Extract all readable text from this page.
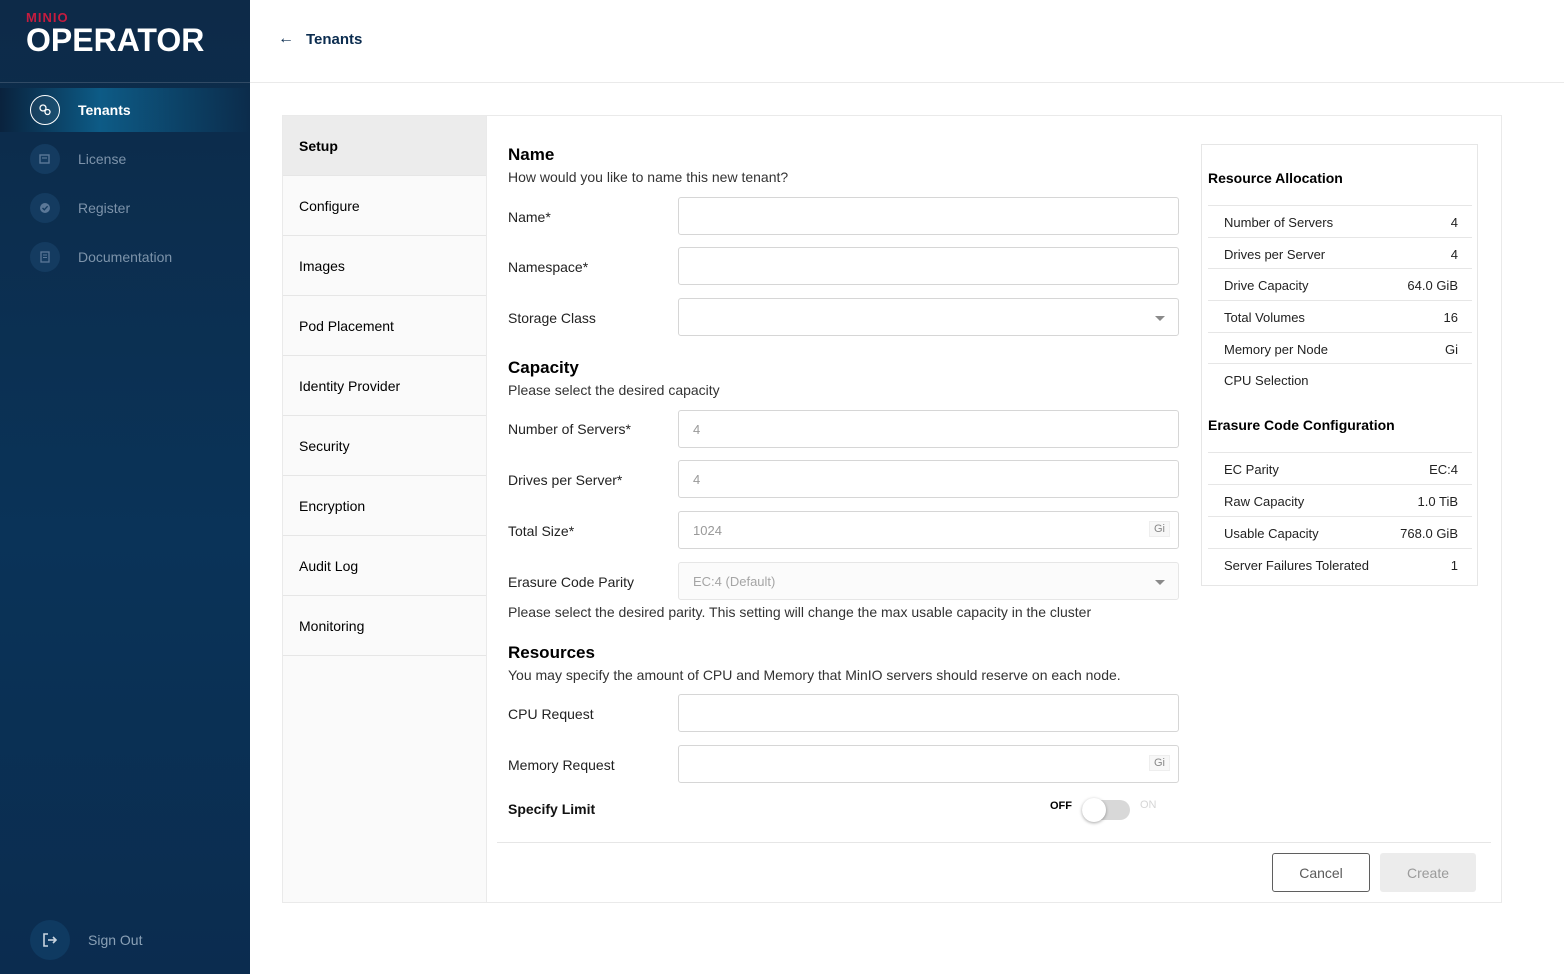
MINIO
OPERATOR
Tenants
License
Register
Documentation
Sign Out
← Tenants
Setup
Configure
Images
Pod Placement
Identity Provider
Security
Encryption
Audit Log
Monitoring
Name
How would you like to name this new tenant?
Name*
Namespace*
Storage Class
Capacity
Please select the desired capacity
Number of Servers*	4
Drives per Server*	4
Total Size*	1024	Gi
Erasure Code Parity	EC:4 (Default)
Please select the desired parity. This setting will change the max usable capacity in the cluster
Resources
You may specify the amount of CPU and Memory that MinIO servers should reserve on each node.
CPU Request
Memory Request	Gi
Specify Limit	OFF	ON
Resource Allocation
Number of Servers	4
Drives per Server	4
Drive Capacity	64.0 GiB
Total Volumes	16
Memory per Node	Gi
CPU Selection
Erasure Code Configuration
EC Parity	EC:4
Raw Capacity	1.0 TiB
Usable Capacity	768.0 GiB
Server Failures Tolerated	1
Cancel	Create
